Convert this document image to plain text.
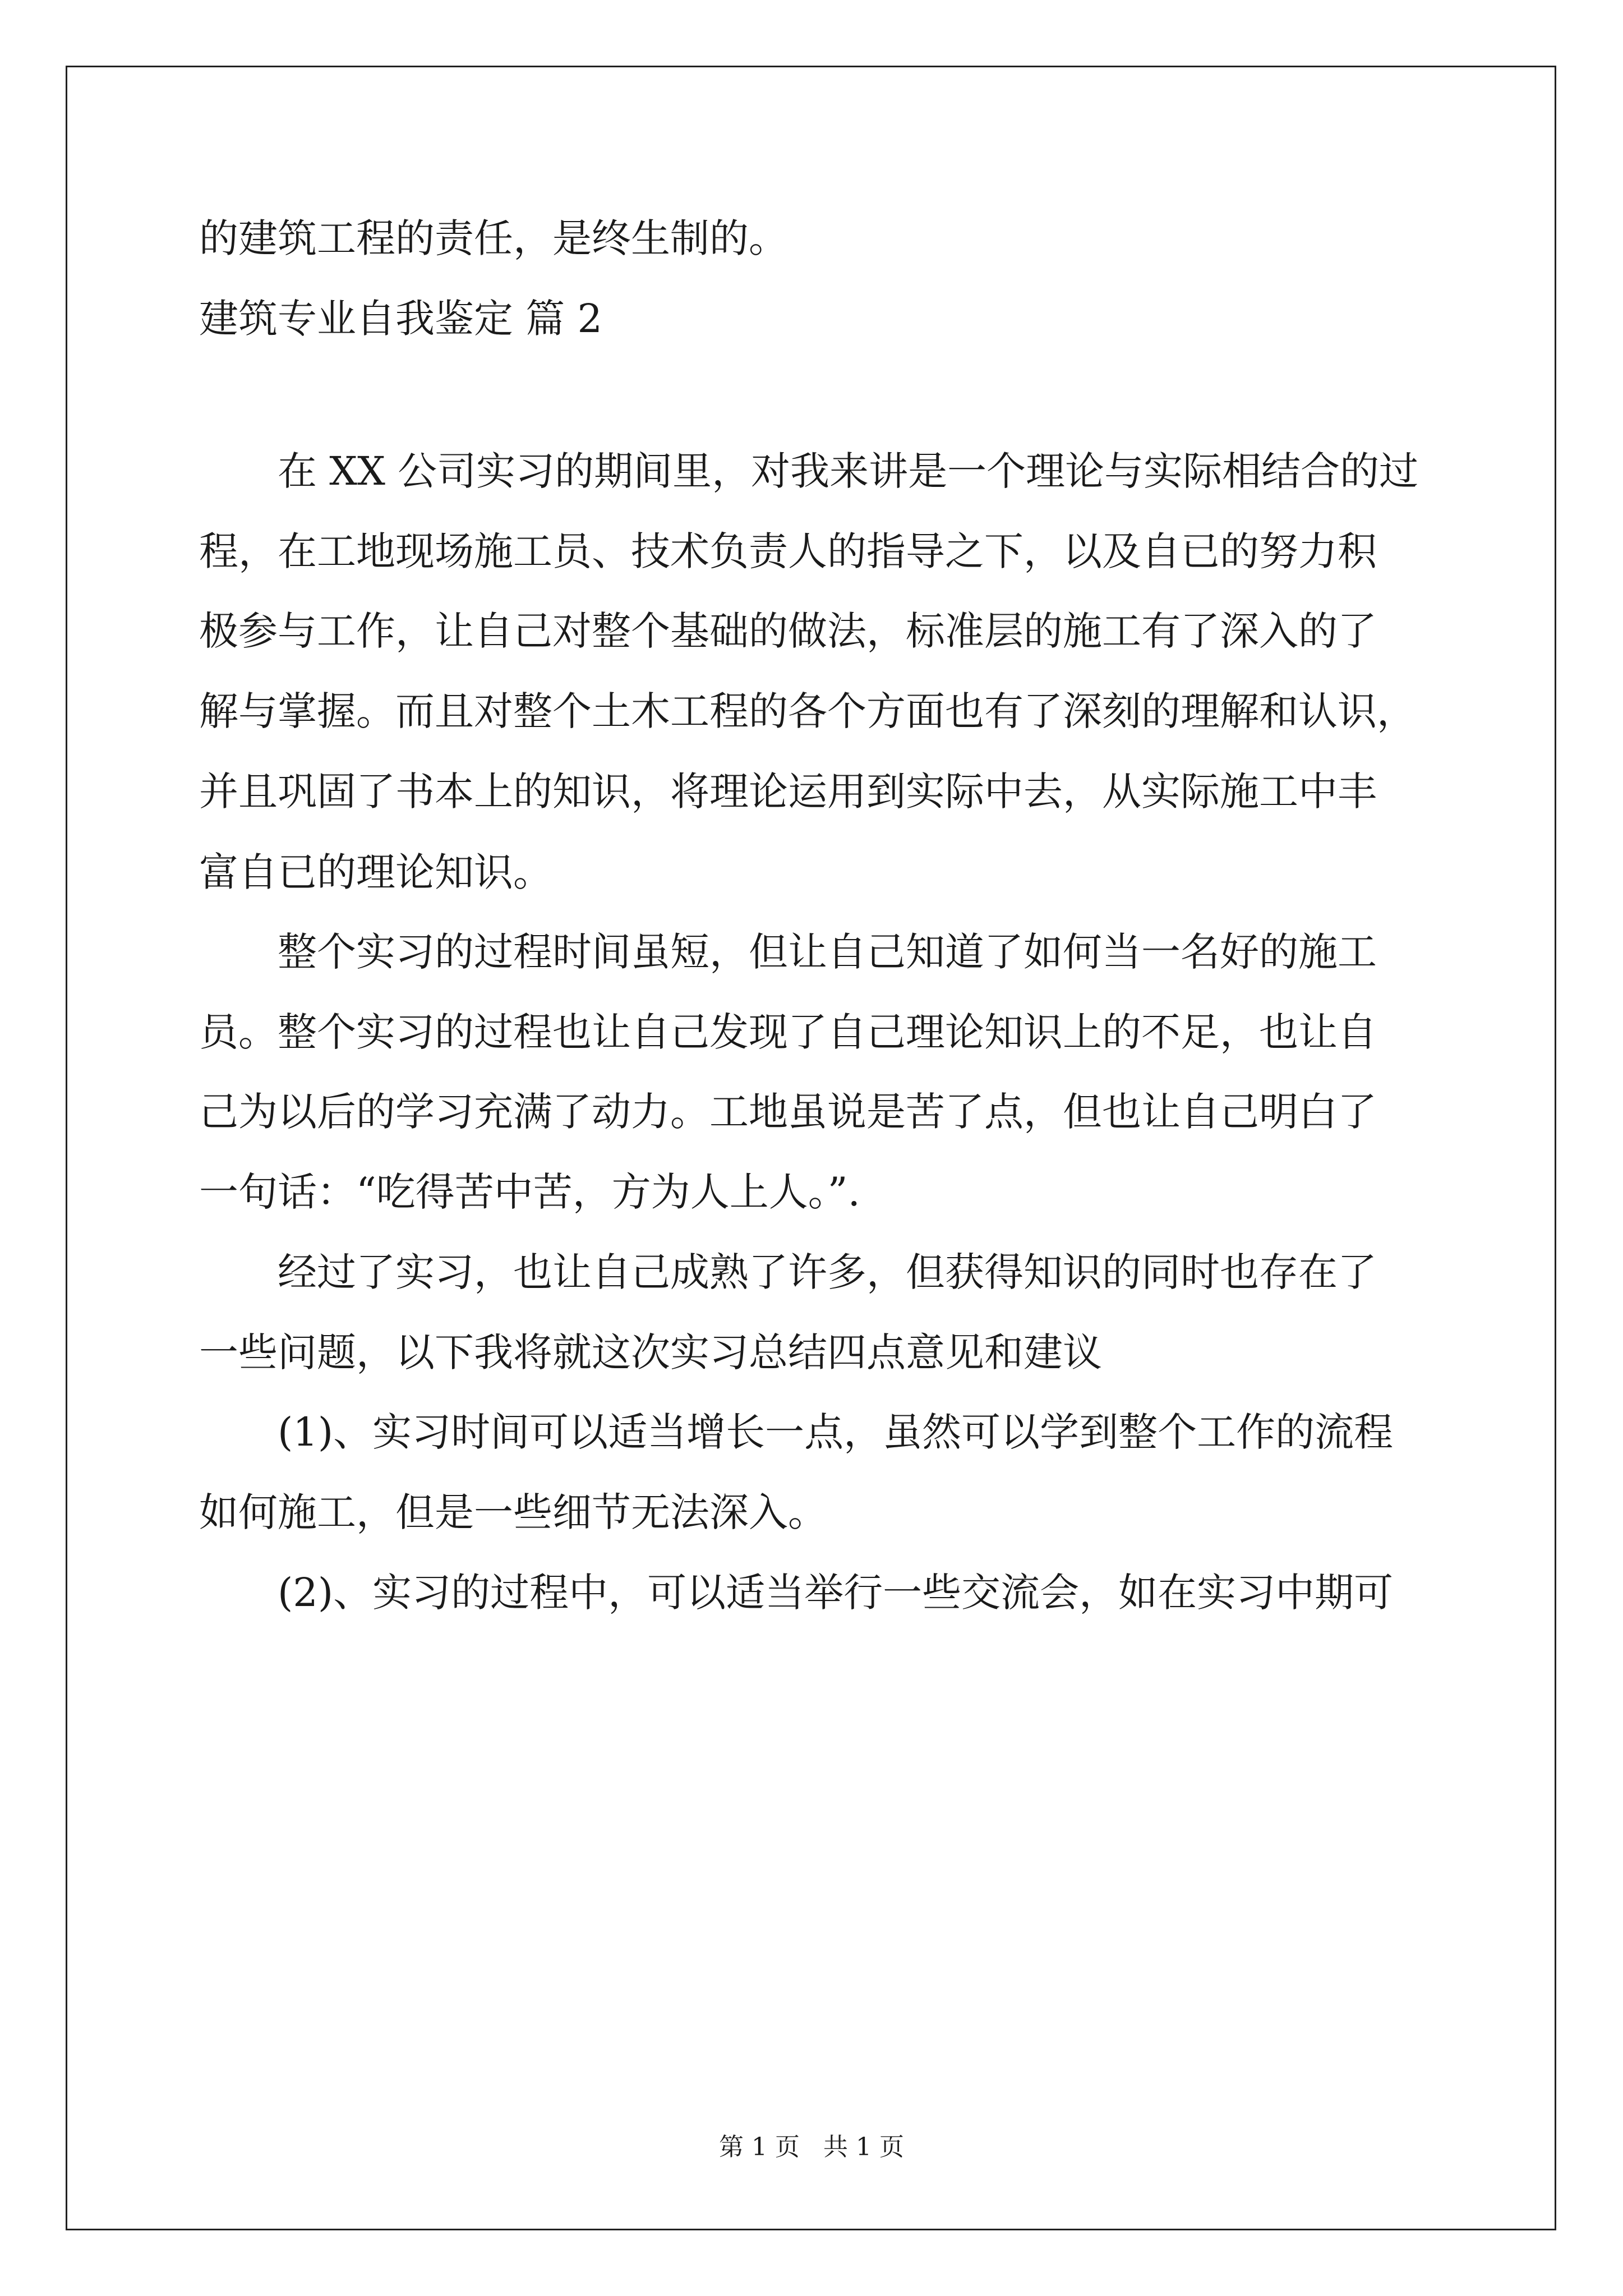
的建筑工程的责任，是终生制的。
建筑专业自我鉴定 篇 2
　　在 XX 公司实习的期间里，对我来讲是一个理论与实际相结合的过
程，在工地现场施工员、技术负责人的指导之下，以及自已的努力积
极参与工作，让自己对整个基础的做法，标准层的施工有了深入的了
解与掌握。而且对整个土木工程的各个方面也有了深刻的理解和认识，
并且巩固了书本上的知识，将理论运用到实际中去，从实际施工中丰
富自已的理论知识。
　　整个实习的过程时间虽短，但让自己知道了如何当一名好的施工
员。整个实习的过程也让自己发现了自己理论知识上的不足，也让自
己为以后的学习充满了动力。工地虽说是苦了点，但也让自己明白了
一句话：“吃得苦中苦，方为人上人。”.
　　经过了实习，也让自己成熟了许多，但获得知识的同时也存在了
一些问题，以下我将就这次实习总结四点意见和建议
　　(1)、实习时间可以适当增长一点，虽然可以学到整个工作的流程
如何施工，但是一些细节无法深入。
　　(2)、实习的过程中，可以适当举行一些交流会，如在实习中期可
第 1 页   共 1 页
